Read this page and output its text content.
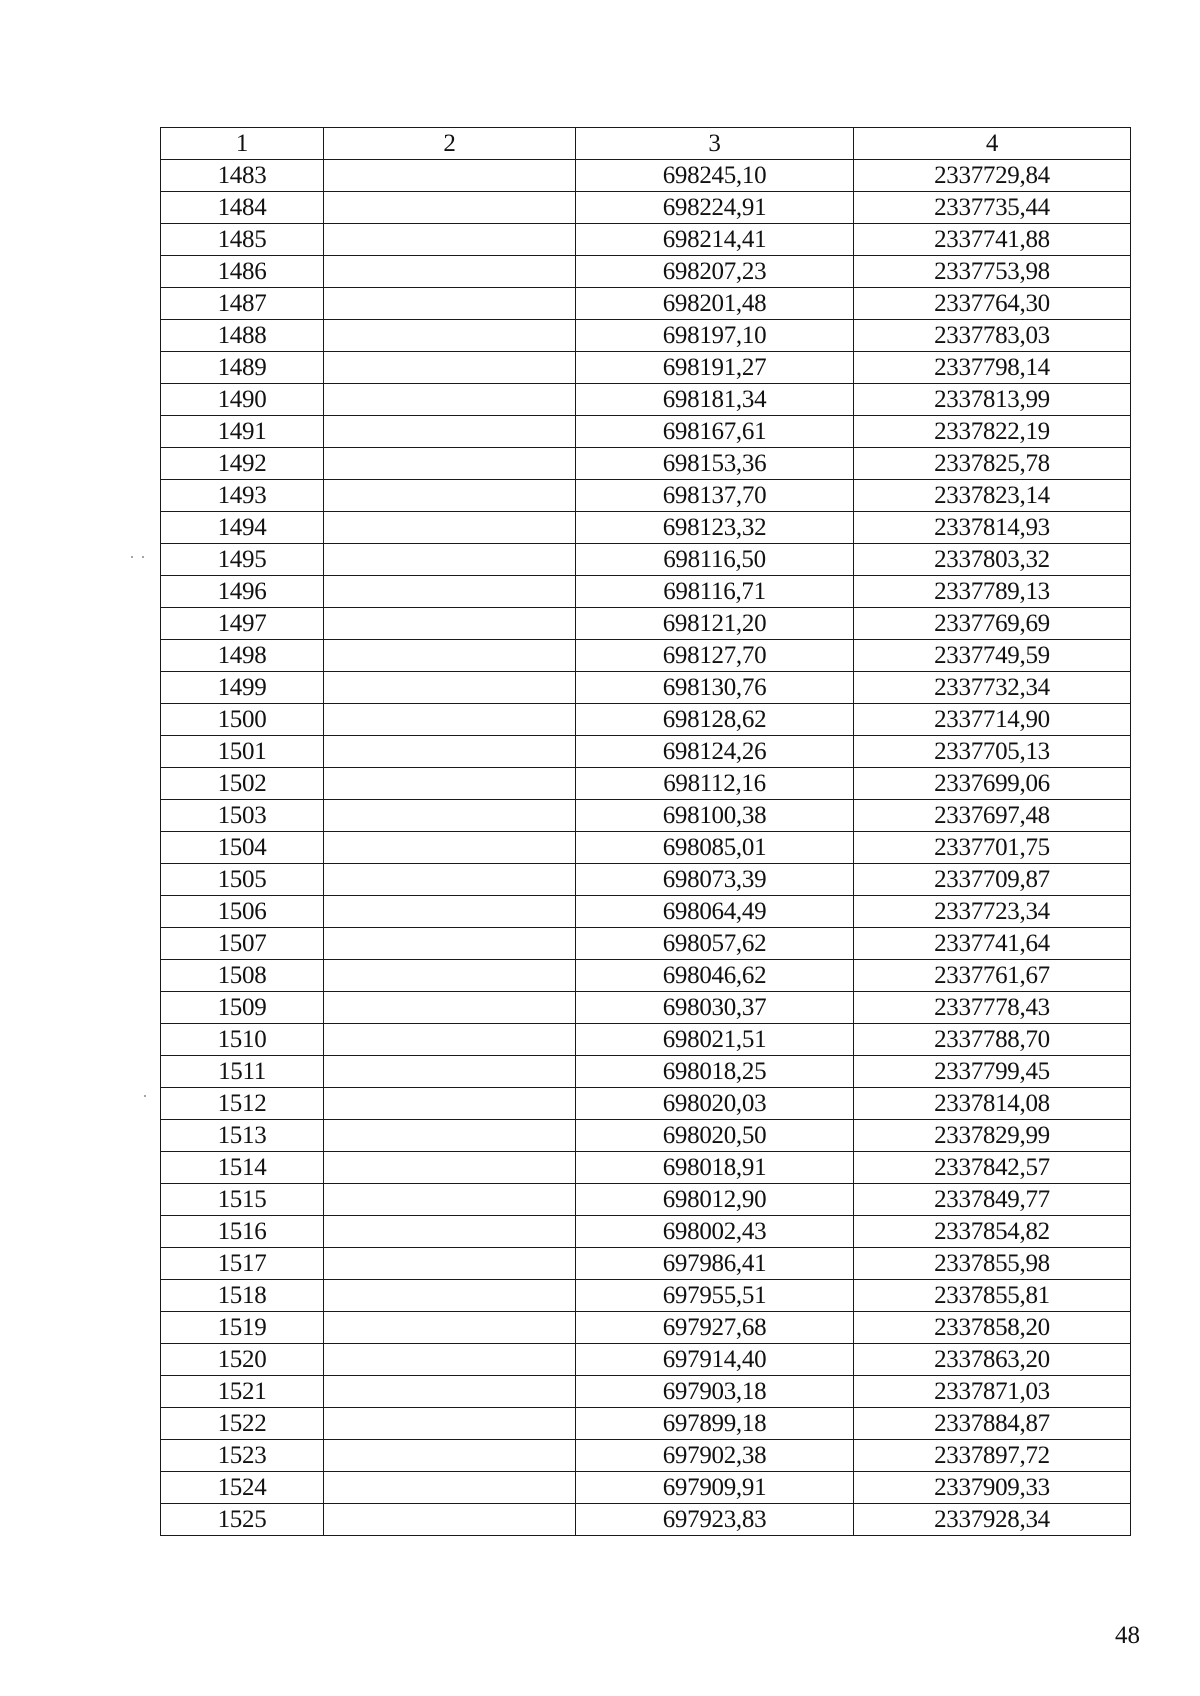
1	2	3	4
1483		698245,10	2337729,84
1484		698224,91	2337735,44
1485		698214,41	2337741,88
1486		698207,23	2337753,98
1487		698201,48	2337764,30
1488		698197,10	2337783,03
1489		698191,27	2337798,14
1490		698181,34	2337813,99
1491		698167,61	2337822,19
1492		698153,36	2337825,78
1493		698137,70	2337823,14
1494		698123,32	2337814,93
1495		698116,50	2337803,32
1496		698116,71	2337789,13
1497		698121,20	2337769,69
1498		698127,70	2337749,59
1499		698130,76	2337732,34
1500		698128,62	2337714,90
1501		698124,26	2337705,13
1502		698112,16	2337699,06
1503		698100,38	2337697,48
1504		698085,01	2337701,75
1505		698073,39	2337709,87
1506		698064,49	2337723,34
1507		698057,62	2337741,64
1508		698046,62	2337761,67
1509		698030,37	2337778,43
1510		698021,51	2337788,70
1511		698018,25	2337799,45
1512		698020,03	2337814,08
1513		698020,50	2337829,99
1514		698018,91	2337842,57
1515		698012,90	2337849,77
1516		698002,43	2337854,82
1517		697986,41	2337855,98
1518		697955,51	2337855,81
1519		697927,68	2337858,20
1520		697914,40	2337863,20
1521		697903,18	2337871,03
1522		697899,18	2337884,87
1523		697902,38	2337897,72
1524		697909,91	2337909,33
1525		697923,83	2337928,34
48
